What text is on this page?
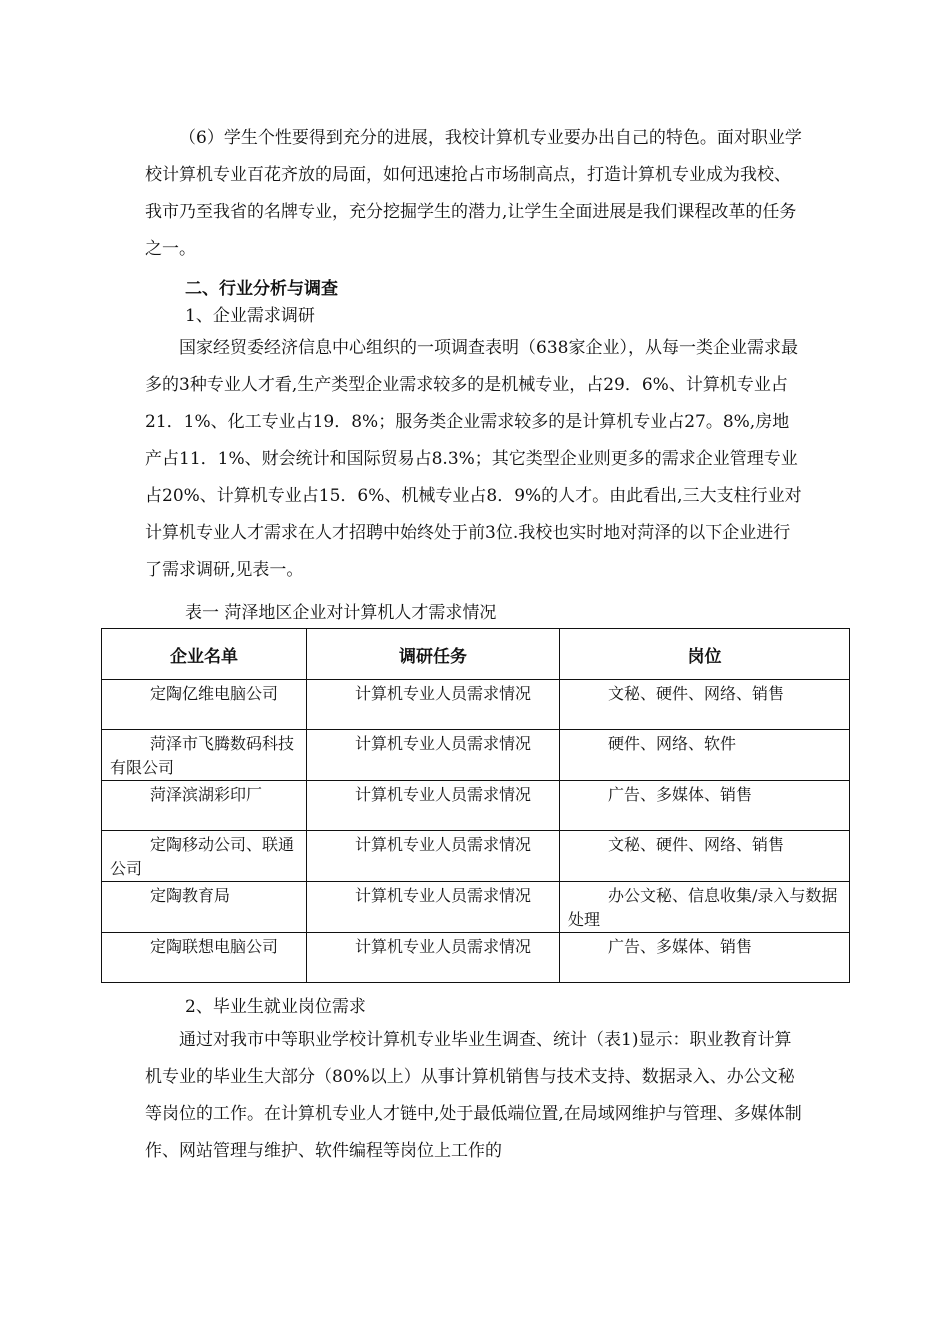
（6）学生个性要得到充分的进展，我校计算机专业要办出自己的特色。面对职业学校计算机专业百花齐放的局面，如何迅速抢占市场制高点，打造计算机专业成为我校、我市乃至我省的名牌专业，充分挖掘学生的潜力,让学生全面进展是我们课程改革的任务之一。
二、行业分析与调查
1、企业需求调研
国家经贸委经济信息中心组织的一项调查表明（638家企业），从每一类企业需求最多的3种专业人才看,生产类型企业需求较多的是机械专业，占29．6%、计算机专业占21．1%、化工专业占19．8%；服务类企业需求较多的是计算机专业占27。8%,房地产占11．1%、财会统计和国际贸易占8.3%；其它类型企业则更多的需求企业管理专业占20%、计算机专业占15．6%、机械专业占8．9%的人才。由此看出,三大支柱行业对计算机专业人才需求在人才招聘中始终处于前3位.我校也实时地对菏泽的以下企业进行了需求调研,见表一。
表一 菏泽地区企业对计算机人才需求情况
企业名单	调研任务	岗位

定陶亿维电脑公司	计算机专业人员需求情况	文秘、硬件、网络、销售

菏泽市飞腾数码科技有限公司	计算机专业人员需求情况	硬件、网络、软件

菏泽滨湖彩印厂	计算机专业人员需求情况	广告、多媒体、销售

定陶移动公司、联通公司	计算机专业人员需求情况	文秘、硬件、网络、销售

定陶教育局	计算机专业人员需求情况	办公文秘、信息收集/录入与数据处理

定陶联想电脑公司	计算机专业人员需求情况	广告、多媒体、销售
2、毕业生就业岗位需求
通过对我市中等职业学校计算机专业毕业生调查、统计（表1)显示：职业教育计算机专业的毕业生大部分（80%以上）从事计算机销售与技术支持、数据录入、办公文秘等岗位的工作。在计算机专业人才链中,处于最低端位置,在局域网维护与管理、多媒体制作、网站管理与维护、软件编程等岗位上工作的
